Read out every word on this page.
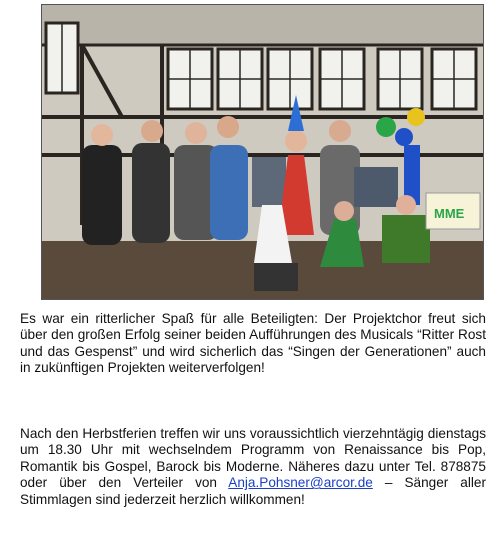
MME
Es war ein ritterlicher Spaß für alle Beteiligten: Der Projektchor freut sich über den großen Erfolg seiner beiden Aufführungen des Musicals “Ritter Rost und das Gespenst” und wird sicherlich das “Singen der Generationen” auch in zukünftigen Projekten weiterverfolgen!
Nach den Herbstferien treffen wir uns voraussichtlich vierzehntägig dienstags um 18.30 Uhr mit wechselndem Programm von Renaissance bis Pop, Romantik bis Gospel, Barock bis Moderne. Näheres dazu unter Tel. 878875 oder über den Verteiler von Anja.Pohsner@arcor.de – Sänger aller Stimmlagen sind jederzeit herzlich willkommen!
